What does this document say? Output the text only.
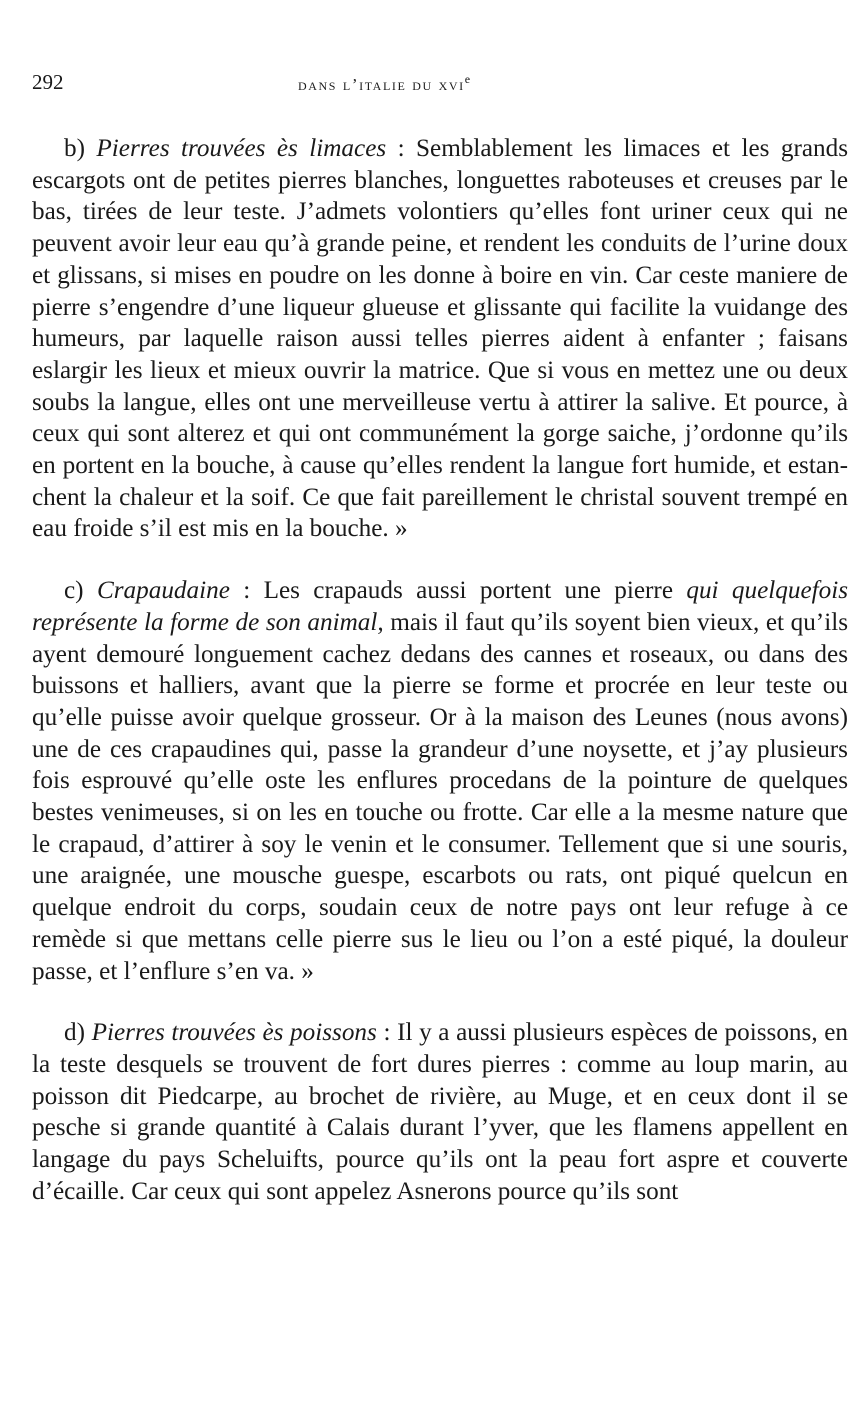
292	dans l’italie du xvi$^e$

b) Pierres trouvées ès limaces : Semblablement les limaces et les grands escargots ont de petites pierres blanches, longuettes raboteuses et creuses par le bas, tirées de leur teste. J’admets volontiers qu’elles font uriner ceux qui ne peuvent avoir leur eau qu’à grande peine, et rendent les conduits de l’urine doux et glissans, si mises en poudre on les donne à boire en vin. Car ceste maniere de pierre s’engendre d’une liqueur glueuse et glissante qui facilite la vuidange des humeurs, par laquelle raison aussi telles pierres aident à enfanter ; faisans eslargir les lieux et mieux ouvrir la matrice. Que si vous en mettez une ou deux soubs la langue, elles ont une merveilleuse vertu à attirer la salive. Et pource, à ceux qui sont alterez et qui ont communément la gorge saiche, j’ordonne qu’ils en portent en la bouche, à cause qu’elles rendent la langue fort humide, et estanchent la chaleur et la soif. Ce que fait pareillement le christal souvent trempé en eau froide s’il est mis en la bouche. »

c) Crapaudaine : Les crapauds aussi portent une pierre qui quelquefois représente la forme de son animal, mais il faut qu’ils soyent bien vieux, et qu’ils ayent demouré longuement cachez dedans des cannes et roseaux, ou dans des buissons et halliers, avant que la pierre se forme et procrée en leur teste ou qu’elle puisse avoir quelque grosseur. Or à la maison des Leunes (nous avons) une de ces crapaudines qui, passe la grandeur d’une noysette, et j’ay plusieurs fois esprouvé qu’elle oste les enflures procedans de la pointure de quelques bestes venimeuses, si on les en touche ou frotte. Car elle a la mesme nature que le crapaud, d’attirer à soy le venin et le consumer. Tellement que si une souris, une araignée, une mousche guespe, escarbots ou rats, ont piqué quelcun en quelque endroit du corps, soudain ceux de notre pays ont leur refuge à ce remède si que mettans celle pierre sus le lieu ou l’on a esté piqué, la douleur passe, et l’enflure s’en va. »

d) Pierres trouvées ès poissons : Il y a aussi plusieurs espèces de poissons, en la teste desquels se trouvent de fort dures pierres : comme au loup marin, au poisson dit Piedcarpe, au brochet de rivière, au Muge, et en ceux dont il se pesche si grande quantité à Calais durant l’yver, que les flamens appellent en langage du pays Scheluifts, pource qu’ils ont la peau fort aspre et couverte d’écaille. Car ceux qui sont appelez Asnerons pource qu’ils sont
